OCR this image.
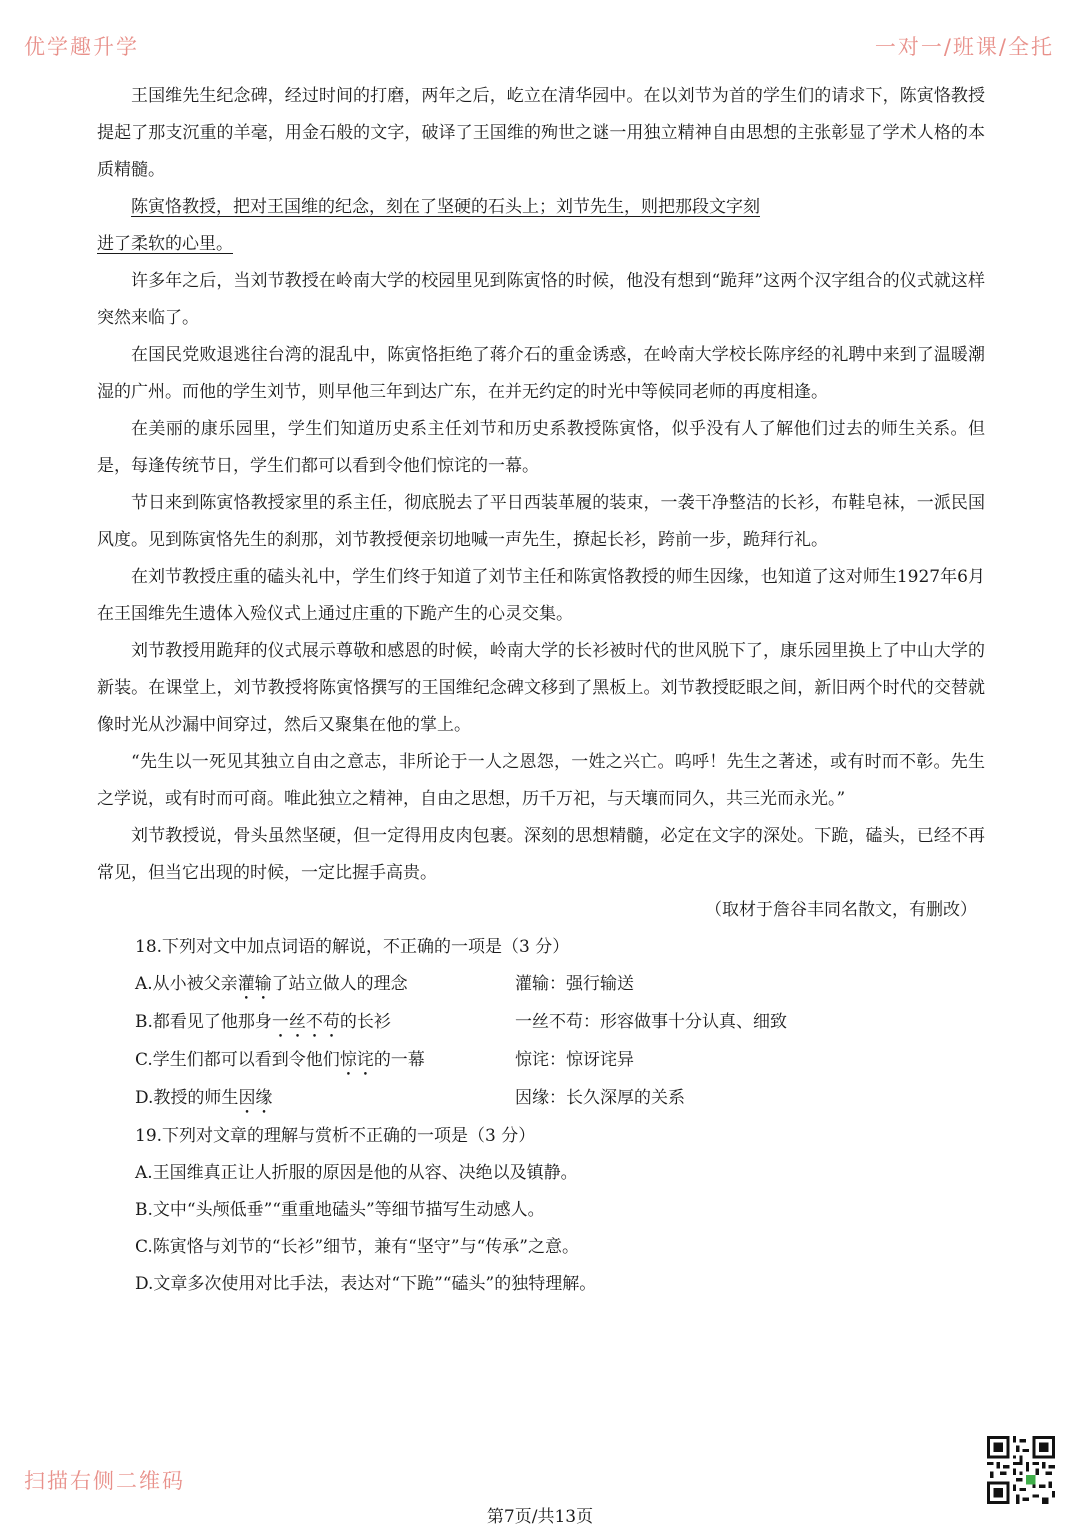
优学趣升学	一对一/班课/全托
扫描右侧二维码

王国维先生纪念碑，经过时间的打磨，两年之后，屹立在清华园中。在以刘节为首的学生们的请求下，陈寅恪教授提起了那支沉重的羊毫，用金石般的文字，破译了王国维的殉世之谜一用独立精神自由思想的主张彰显了学术人格的本质精髓。

陈寅恪教授，把对王国维的纪念，刻在了坚硬的石头上；刘节先生，则把那段文字刻

进了柔软的心里。

许多年之后，当刘节教授在岭南大学的校园里见到陈寅恪的时候，他没有想到“跪拜”这两个汉字组合的仪式就这样突然来临了。

在国民党败退逃往台湾的混乱中，陈寅恪拒绝了蒋介石的重金诱惑，在岭南大学校长陈序经的礼聘中来到了温暖潮湿的广州。而他的学生刘节，则早他三年到达广东，在并无约定的时光中等候同老师的再度相逢。

在美丽的康乐园里，学生们知道历史系主任刘节和历史系教授陈寅恪，似乎没有人了解他们过去的师生关系。但是，每逢传统节日，学生们都可以看到令他们惊诧的一幕。

节日来到陈寅恪教授家里的系主任，彻底脱去了平日西装革履的装束，一袭干净整洁的长衫，布鞋皂袜，一派民国风度。见到陈寅恪先生的刹那，刘节教授便亲切地喊一声先生，撩起长衫，跨前一步，跪拜行礼。

在刘节教授庄重的磕头礼中，学生们终于知道了刘节主任和陈寅恪教授的师生因缘，也知道了这对师生1927年6月在王国维先生遗体入殓仪式上通过庄重的下跪产生的心灵交集。

刘节教授用跪拜的仪式展示尊敬和感恩的时候，岭南大学的长衫被时代的世风脱下了，康乐园里换上了中山大学的新装。在课堂上，刘节教授将陈寅恪撰写的王国维纪念碑文移到了黑板上。刘节教授眨眼之间，新旧两个时代的交替就像时光从沙漏中间穿过，然后又聚集在他的掌上。

“先生以一死见其独立自由之意志，非所论于一人之恩怨，一姓之兴亡。呜呼！先生之著述，或有时而不彰。先生之学说，或有时而可商。唯此独立之精神，自由之思想，历千万祀，与天壤而同久，共三光而永光。”

刘节教授说，骨头虽然坚硬，但一定得用皮肉包裹。深刻的思想精髓，必定在文字的深处。下跪，磕头，已经不再常见，但当它出现的时候，一定比握手高贵。

（取材于詹谷丰同名散文，有删改）

18.下列对文中加点词语的解说，不正确的一项是（3 分）

A.从小被父亲灌输了站立做人的理念	灌输：强行输送
B.都看见了他那身一丝不苟的长衫	一丝不苟：形容做事十分认真、细致
C.学生们都可以看到令他们惊诧的一幕	惊诧：惊讶诧异
D.教授的师生因缘	因缘：长久深厚的关系

19.下列对文章的理解与赏析不正确的一项是（3 分）

A.王国维真正让人折服的原因是他的从容、决绝以及镇静。

B.文中“头颅低垂”“重重地磕头”等细节描写生动感人。

C.陈寅恪与刘节的“长衫”细节，兼有“坚守”与“传承”之意。

D.文章多次使用对比手法，表达对“下跪”“磕头”的独特理解。

第7页/共13页
